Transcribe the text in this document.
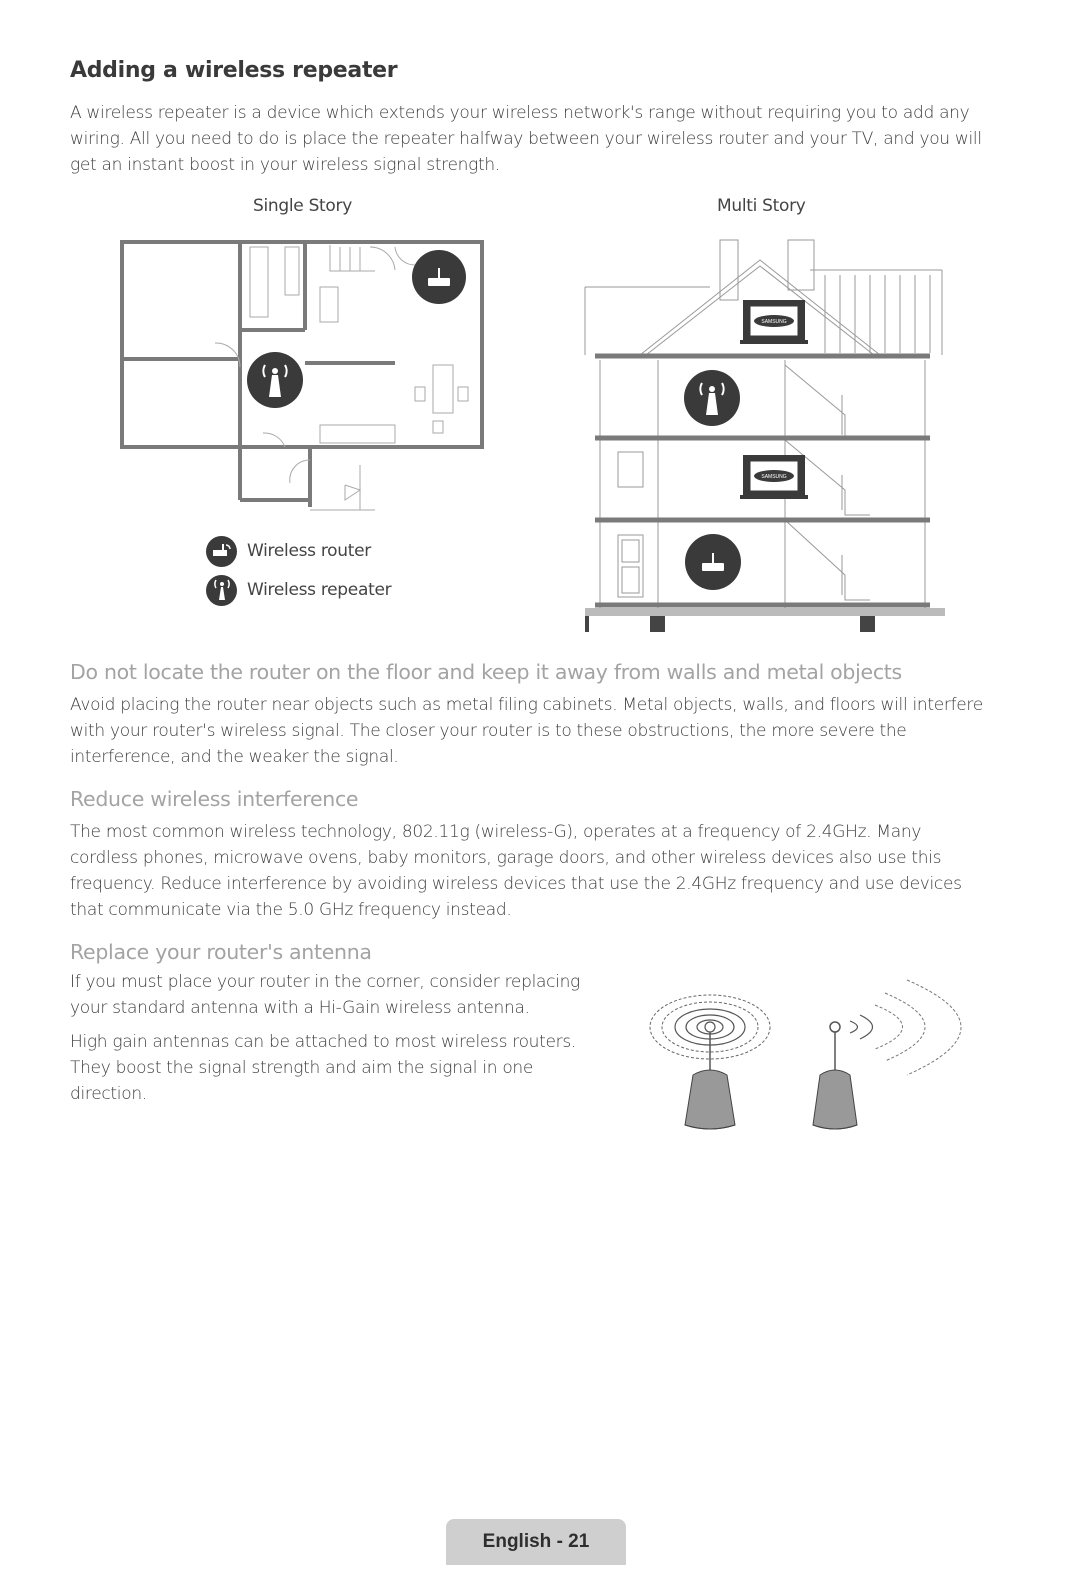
Adding a wireless repeater

A wireless repeater is a device which extends your wireless network's range without requiring you to add any wiring. All you need to do is place the repeater halfway between your wireless router and your TV, and you will get an instant boost in your wireless signal strength.

Single Story	Multi Story
Wireless router
Wireless repeater
SAMSUNG
SAMSUNG
Do not locate the router on the floor and keep it away from walls and metal objects

Avoid placing the router near objects such as metal filing cabinets. Metal objects, walls, and floors will interfere with your router's wireless signal. The closer your router is to these obstructions, the more severe the interference, and the weaker the signal.

Reduce wireless interference

The most common wireless technology, 802.11g (wireless-G), operates at a frequency of 2.4GHz. Many cordless phones, microwave ovens, baby monitors, garage doors, and other wireless devices also use this frequency. Reduce interference by avoiding wireless devices that use the 2.4GHz frequency and use devices that communicate via the 5.0 GHz frequency instead.

Replace your router's antenna

If you must place your router in the corner, consider replacing your standard antenna with a Hi-Gain wireless antenna.

High gain antennas can be attached to most wireless routers. They boost the signal strength and aim the signal in one direction.

English - 21
